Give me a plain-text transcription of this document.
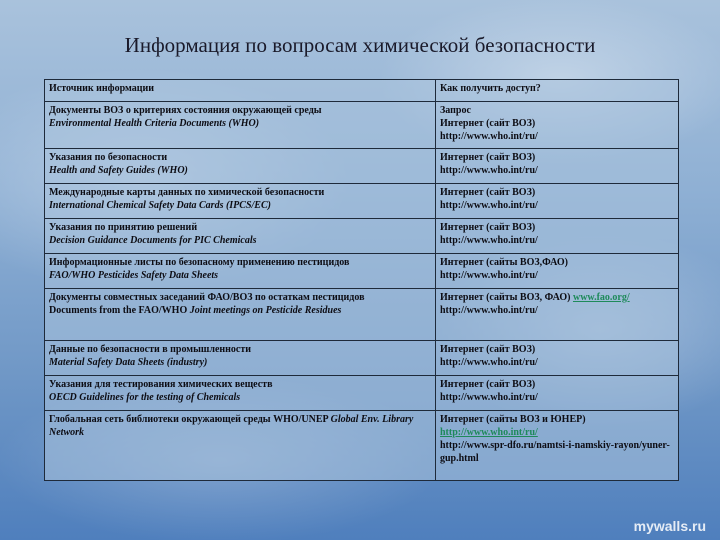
Информация по вопросам химической безопасности
Источник информации	Как получить доступ?

Документы ВОЗ о критериях состояния окружающей среды
Environmental Health Criteria Documents (WHO)	Запрос
Интернет (сайт ВОЗ)
http://www.who.int/ru/

Указания по безопасности
Health and Safety Guides (WHO)	Интернет (сайт ВОЗ)
http://www.who.int/ru/

Международные карты данных по химической безопасности
International Chemical Safety Data Cards (IPCS/EC)	Интернет (сайт ВОЗ)
http://www.who.int/ru/

Указания по принятию решений
Decision Guidance Documents for PIC Chemicals	Интернет (сайт ВОЗ)
http://www.who.int/ru/

Информационные листы по безопасному применению пестицидов
FAO/WHO Pesticides Safety Data Sheets	Интернет (сайты ВОЗ,ФАО)
http://www.who.int/ru/

Документы совместных заседаний ФАО/ВОЗ по остаткам пестицидов
Documents from the FAO/WHO Joint meetings on Pesticide Residues	Интернет (сайты ВОЗ, ФАО) www.fao.org/
http://www.who.int/ru/

Данные по безопасности в промышленности
Material Safety Data Sheets (industry)	Интернет (сайт ВОЗ)
http://www.who.int/ru/

Указания для тестирования химических веществ
OECD Guidelines for the testing of Chemicals	Интернет (сайт ВОЗ)
http://www.who.int/ru/

Глобальная сеть библиотеки окружающей среды WHO/UNEP Global Env. Library Network	Интернет (сайты ВОЗ и ЮНЕР)
http://www.who.int/ru/
http://www.spr-dfo.ru/namtsi-i-namskiy-rayon/yuner-gup.html
mywalls.ru
